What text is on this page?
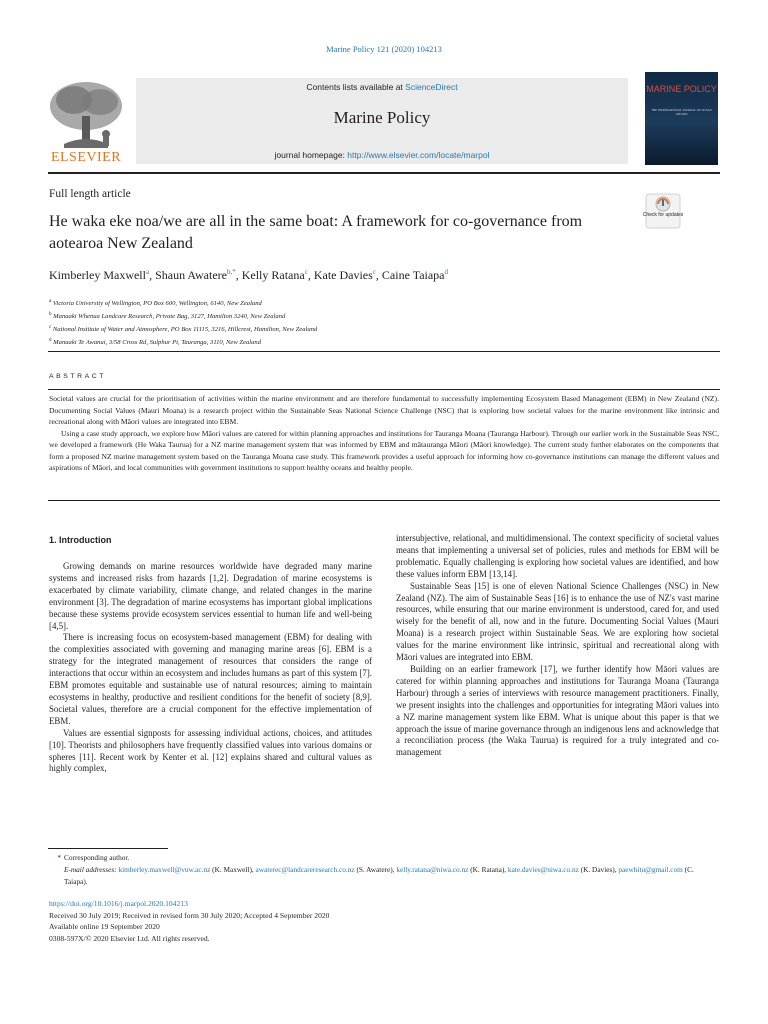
Marine Policy 121 (2020) 104213
ELSEVIER
Contents lists available at ScienceDirect
Marine Policy
journal homepage: http://www.elsevier.com/locate/marpol
MARINE POLICY
THE INTERNATIONAL JOURNAL OF OCEAN AFFAIRS
Full length article
He waka eke noa/we are all in the same boat: A framework for co-governance from aotearoa New Zealand
Check for updates
Kimberley Maxwell$^a$, Shaun Awatere$^{b,*}$, Kelly Ratana$^c$, Kate Davies$^c$, Caine Taiapa$^d$
$^a$ Victoria University of Wellington, PO Box 600, Wellington, 6140, New Zealand
$^b$ Manaaki Whenua Landcare Research, Private Bag, 3127, Hamilton 3240, New Zealand
$^c$ National Institute of Water and Atmosphere, PO Box 11115, 3216, Hillcrest, Hamilton, New Zealand
$^d$ Manaaki Te Awanui, 3/58 Cross Rd, Sulphur Pt, Tauranga, 3110, New Zealand
ABSTRACT

Societal values are crucial for the prioritisation of activities within the marine environment and are therefore fundamental to successfully implementing Ecosystem Based Management (EBM) in New Zealand (NZ). Documenting Social Values (Mauri Moana) is a research project within the Sustainable Seas National Science Challenge (NSC) that is exploring how societal values for the marine environment like intrinsic and recreational along with Māori values are integrated into EBM.

Using a case study approach, we explore how Māori values are catered for within planning approaches and institutions for Tauranga Moana (Tauranga Harbour). Through our earlier work in the Sustainable Seas NSC, we developed a framework (He Waka Taurua) for a NZ marine management system that was informed by EBM and mātauranga Māori (Māori knowledge). The current study further elaborates on the components that form a proposed NZ marine management system based on the Tauranga Moana case study. This framework provides a useful approach for informing how co-governance institutions can manage the different values and aspirations of Māori, and local communities with government institutions to support healthy oceans and healthy people.

1. Introduction

Growing demands on marine resources worldwide have degraded many marine systems and increased risks from hazards [1,2]. Degradation of marine ecosystems is exacerbated by climate variability, climate change, and related changes in the marine environment [3]. The degradation of marine ecosystems has important global implications because these systems provide ecosystem services essential to human life and well-being [4,5].

There is increasing focus on ecosystem-based management (EBM) for dealing with the complexities associated with governing and managing marine areas [6]. EBM is a strategy for the integrated management of resources that considers the range of interactions that occur within an ecosystem and includes humans as part of this system [7]. EBM promotes equitable and sustainable use of natural resources; aiming to maintain ecosystems in healthy, productive and resilient conditions for the benefit of society [8,9]. Societal values, therefore are a crucial component for the effective implementation of EBM.

Values are essential signposts for assessing individual actions, choices, and attitudes [10]. Theorists and philosophers have frequently classified values into various domains or spheres [11]. Recent work by Kenter et al. [12] explains shared and cultural values as highly complex,

intersubjective, relational, and multidimensional. The context specificity of societal values means that implementing a universal set of policies, rules and methods for EBM will be problematic. Equally challenging is exploring how societal values are identified, and how these values inform EBM [13,14].

Sustainable Seas [15] is one of eleven National Science Challenges (NSC) in New Zealand (NZ). The aim of Sustainable Seas [16] is to enhance the use of NZ's vast marine resources, while ensuring that our marine environment is understood, cared for, and used wisely for the benefit of all, now and in the future. Documenting Social Values (Mauri Moana) is a research project within Sustainable Seas. We are exploring how societal values for the marine environment like intrinsic, spiritual and recreational along with Māori values are integrated into EBM.

Building on an earlier framework [17], we further identify how Māori values are catered for within planning approaches and institutions for Tauranga Moana (Tauranga Harbour) through a series of interviews with resource management practitioners. Finally, we present insights into the challenges and opportunities for integrating Māori values into a NZ marine management system like EBM. What is unique about this paper is that we approach the issue of marine governance through an indigenous lens and acknowledge that a reconciliation process (the Waka Taurua) is required for a truly integrated and co-management

* Corresponding author.
E-mail addresses: kimberley.maxwell@vuw.ac.nz (K. Maxwell), awaterec@landcareresearch.co.nz (S. Awatere), kelly.ratana@niwa.co.nz (K. Ratana), kate.davies@niwa.co.nz (K. Davies), paewhitu@gmail.com (C. Taiapa).
https://doi.org/10.1016/j.marpol.2020.104213
Received 30 July 2019; Received in revised form 30 July 2020; Accepted 4 September 2020
Available online 19 September 2020
0308-597X/© 2020 Elsevier Ltd. All rights reserved.
